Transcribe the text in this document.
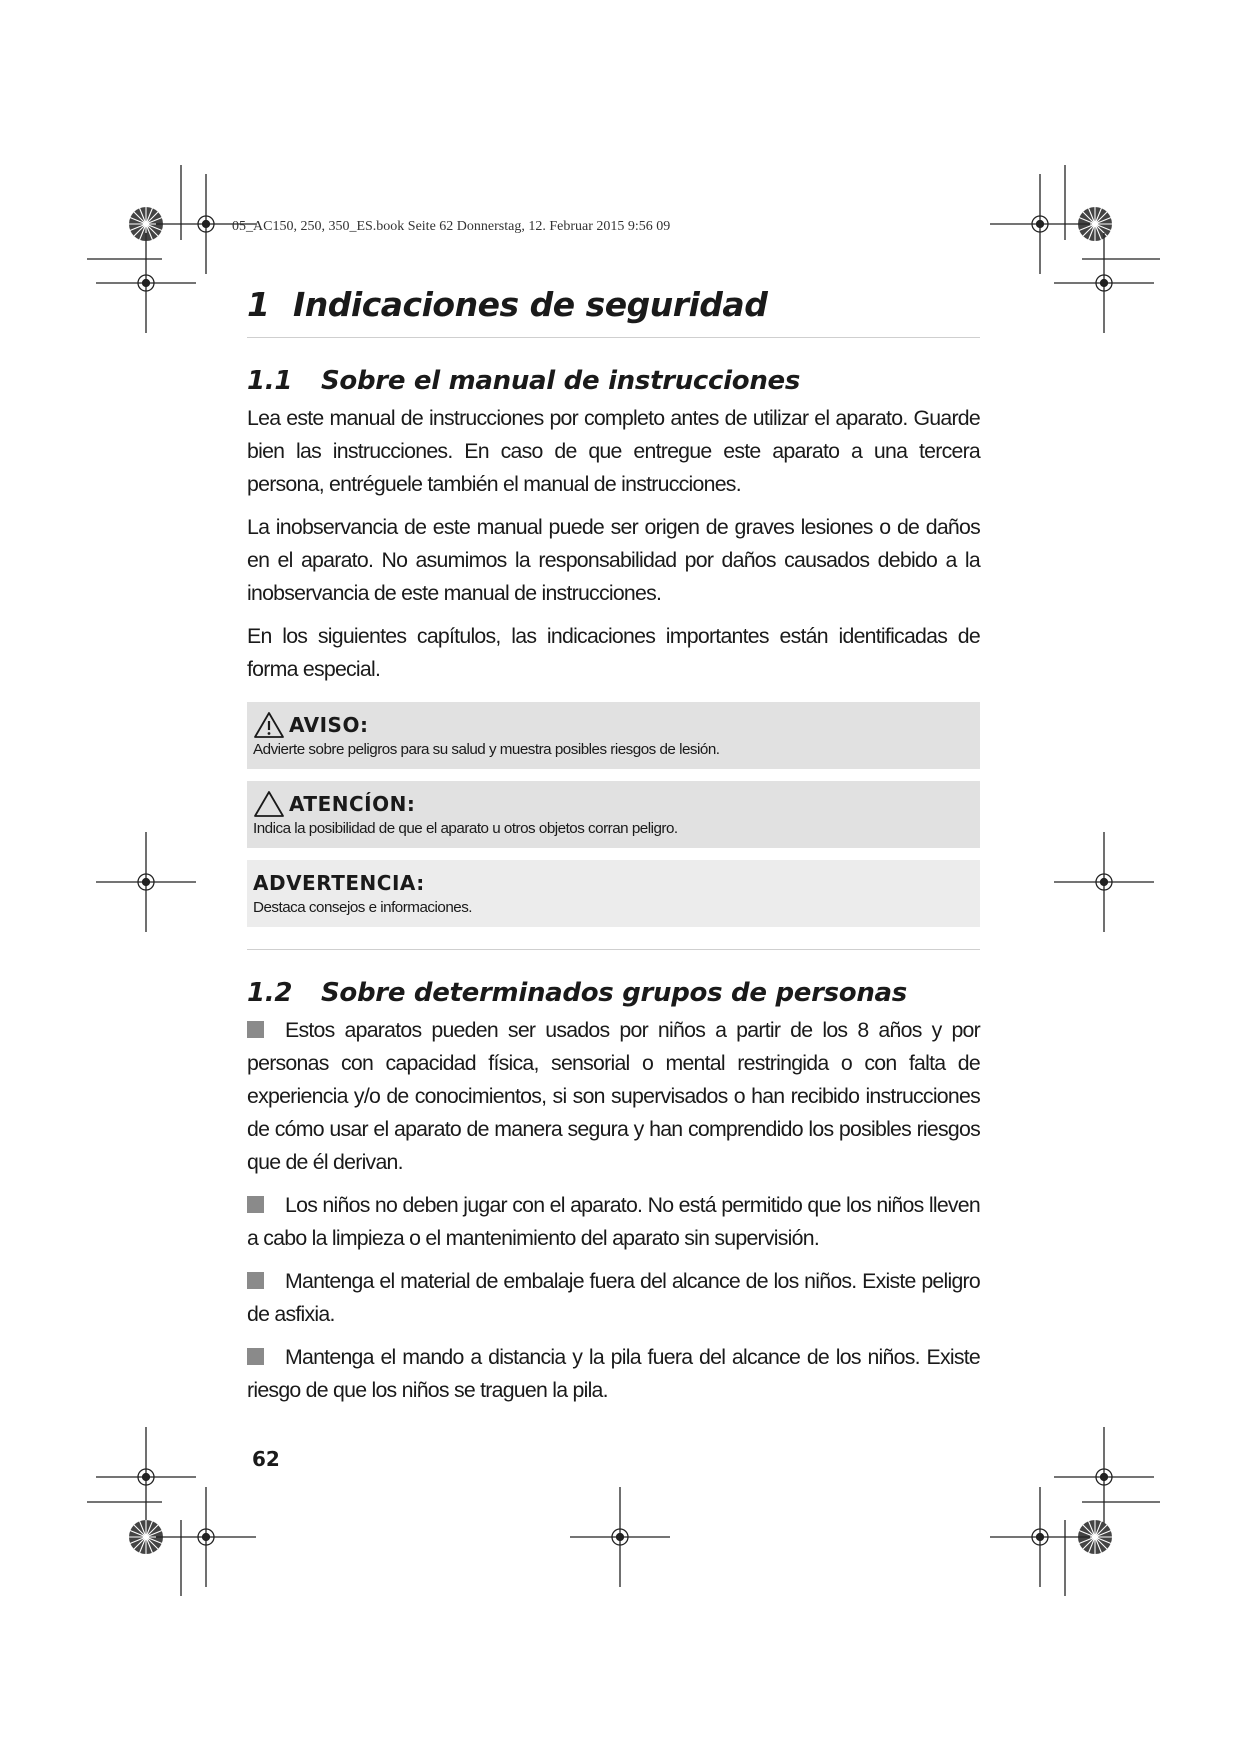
05_AC150, 250, 350_ES.book Seite 62 Donnerstag, 12. Februar 2015 9:56 09
1 Indicaciones de seguridad
1.1 Sobre el manual de instrucciones

Lea este manual de instrucciones por completo antes de utilizar el aparato. Guarde bien las instrucciones. En caso de que entregue este aparato a una tercera persona, entréguele también el manual de instrucciones.

La inobservancia de este manual puede ser origen de graves lesiones o de daños en el aparato. No asumimos la responsabilidad por daños causados debido a la inobservancia de este manual de instrucciones.

En los siguientes capítulos, las indicaciones importantes están identificadas de forma especial.

AVISO:
Advierte sobre peligros para su salud y muestra posibles riesgos de lesión.
ATENCÍON:
Indica la posibilidad de que el aparato u otros objetos corran peligro.
ADVERTENCIA:
Destaca consejos e informaciones.
1.2 Sobre determinados grupos de personas

Estos aparatos pueden ser usados por niños a partir de los 8 años y por personas con capacidad física, sensorial o mental restringida o con falta de experiencia y/o de conocimientos, si son supervisados o han recibido instrucciones de cómo usar el aparato de manera segura y han comprendido los posibles riesgos que de él derivan.

Los niños no deben jugar con el aparato. No está permitido que los niños lleven a cabo la limpieza o el mantenimiento del aparato sin supervisión.

Mantenga el material de embalaje fuera del alcance de los niños. Existe peligro de asfixia.

Mantenga el mando a distancia y la pila fuera del alcance de los niños. Existe riesgo de que los niños se traguen la pila.

62
